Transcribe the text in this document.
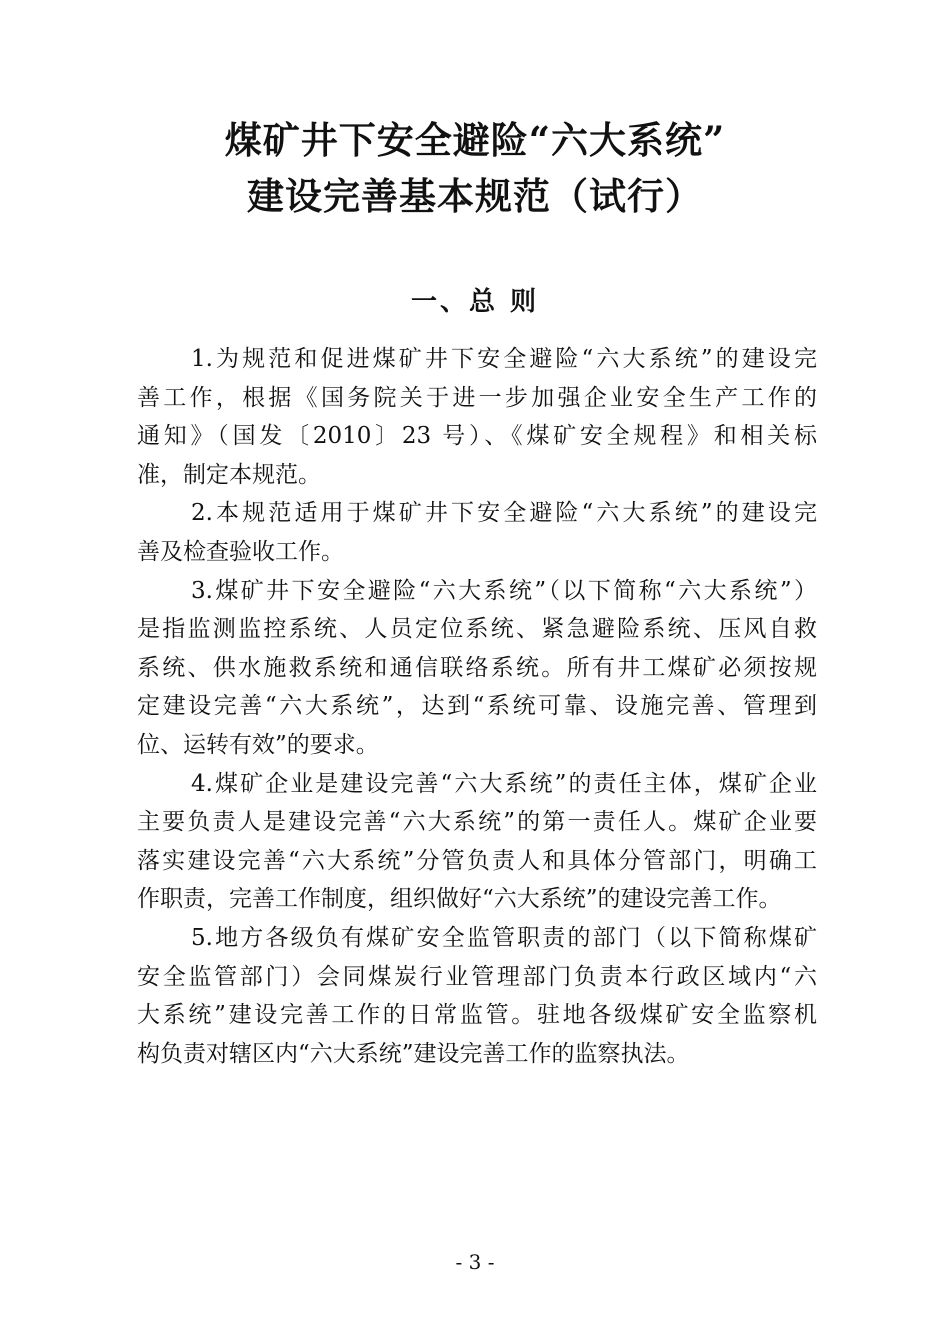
煤矿井下安全避险“六大系统”
建设完善基本规范（试行）
一、总 则

1.为规范和促进煤矿井下安全避险“六大系统”的建设完
善工作，根据《国务院关于进一步加强企业安全生产工作的
通知》（国发〔2010〕23 号）、《煤矿安全规程》和相关标
准，制定本规范。

2.本规范适用于煤矿井下安全避险“六大系统”的建设完
善及检查验收工作。

3.煤矿井下安全避险“六大系统”（以下简称“六大系统”）
是指监测监控系统、人员定位系统、紧急避险系统、压风自救
系统、供水施救系统和通信联络系统。所有井工煤矿必须按规
定建设完善“六大系统”，达到“系统可靠、设施完善、管理到
位、运转有效”的要求。

4.煤矿企业是建设完善“六大系统”的责任主体，煤矿企业
主要负责人是建设完善“六大系统”的第一责任人。煤矿企业要
落实建设完善“六大系统”分管负责人和具体分管部门，明确工
作职责，完善工作制度，组织做好“六大系统”的建设完善工作。

5.地方各级负有煤矿安全监管职责的部门（以下简称煤矿
安全监管部门）会同煤炭行业管理部门负责本行政区域内“六
大系统”建设完善工作的日常监管。驻地各级煤矿安全监察机
构负责对辖区内“六大系统”建设完善工作的监察执法。

- 3 -
